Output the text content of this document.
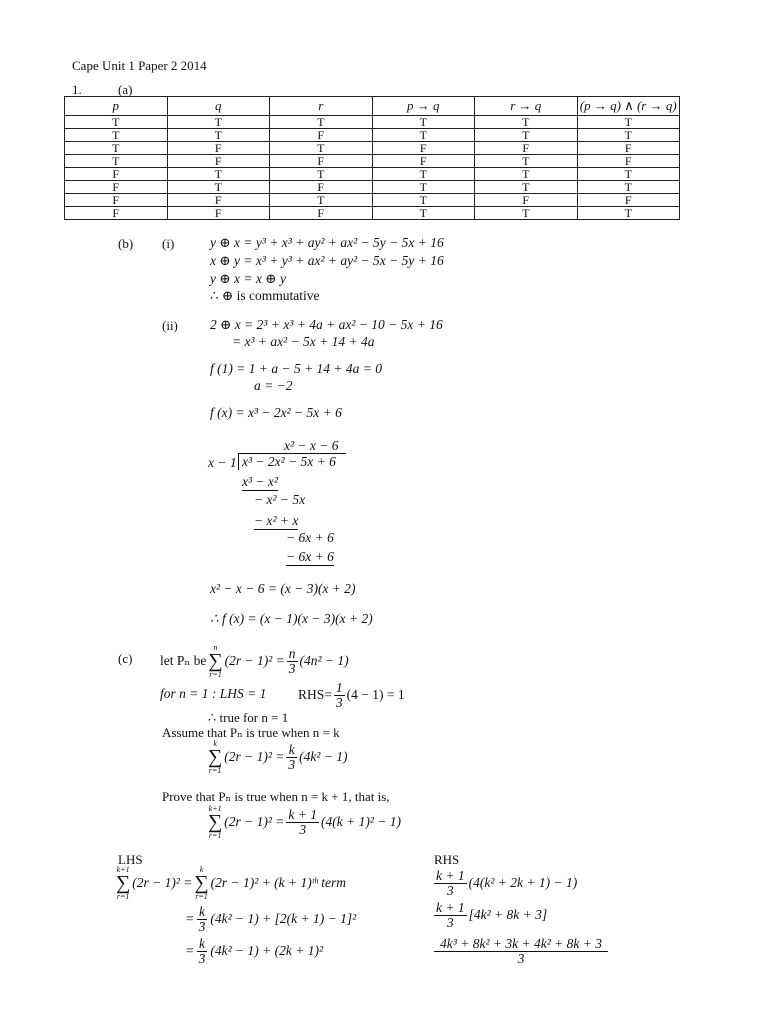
Cape Unit 1 Paper 2 2014
1.	(a)
p	q	r	p → q	r → q	(p → q) ∧ (r → q)
T	T	T	T	T	T
T	T	F	T	T	T
T	F	T	F	F	F
T	F	F	F	T	F
F	T	T	T	T	T
F	T	F	T	T	T
F	F	T	T	F	F
F	F	F	T	T	T
(b) (i)	y ⊕ x = y³ + x³ + ay² + ax² − 5y − 5x + 16
x ⊕ y = x³ + y³ + ax² + ay² − 5x − 5y + 16
y ⊕ x = x ⊕ y
∴ ⊕ is commutative
(ii) 2 ⊕ x = 2³ + x³ + 4a + ax² − 10 − 5x + 16
= x³ + ax² − 5x + 14 + 4a
f (1) = 1 + a − 5 + 14 + 4a = 0
a = −2
f (x) = x³ − 2x² − 5x + 6
x² − x − 6
x − 1 x³ − 2x² − 5x + 6
x³ − x²
− x² − 5x
− x² + x
− 6x + 6
− 6x + 6
x² − x − 6 = (x − 3)(x + 2)
∴ f (x) = (x − 1)(x − 3)(x + 2)
(c) let Pₙ be
n
∑
r=1
$(2r - 1)^2 = \frac{n}{3} (4n^2 - 1)$
for n = 1 : LHS = 1 $RHS= \frac{1}{3} (4 - 1) = 1$
∴ true for n = 1
Assume that Pₙ is true when n = k
k
∑
r=1
$(2r - 1)^2 = \frac{k}{3} (4k^2 - 1)$
Prove that Pₙ is true when n = k + 1, that is,
k+1
∑
r=1
$(2r - 1)^2 = \frac{k + 1}{3} (4(k + 1)^2 - 1)$
LHS
k+1
∑
r=1
(2r − 1)² =
k
∑
r=1
(2r − 1)² + (k + 1)ᵗʰ term
= $\frac{k}{3} (4k^2 - 1) + [2(k + 1) - 1]^2$
= $\frac{k}{3} (4k^2 - 1) + (2k + 1)^2$
RHS
$\frac{k + 1}{3} (4(k^2 + 2k + 1) - 1)$
$\frac{k + 1}{3} [4k^2 + 8k + 3]$
$\frac{\text{4k³ + 8k² + 3k + 4k² + 8k + 3}}{3}$
